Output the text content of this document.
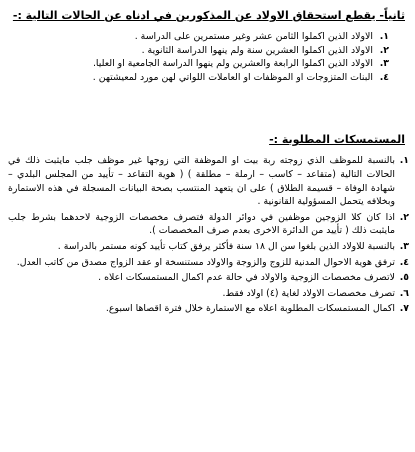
ثانياً- يقطع استحقاق الاولاد عن المذكورين في ادناه عن الحالات التالية :-
١.
الاولاد الذين اكملوا الثامن عشر وغير مستمرين على الدراسة .
٢.
الاولاد الذين اكملوا العشرين سنة ولم ينهوا الدراسة الثانوية .
٣.
الاولاد الذين اكملوا الرابعة والعشرين ولم ينهوا الدراسة الجامعية او العليا.
٤.
البنات المتزوجات او الموظفات او العاملات اللواتي لهن مورد لمعيشتهن .
المستمسكات المطلوبة :-
١.
بالنسبة للموظف الذي زوجته ربة بيت او الموظفة التي زوجها غير موظف جلب مايثبت ذلك في الحالات التالية (متقاعد – كاسب – ارملة – مطلقة ) ( هوية التقاعد – تأييد من المجلس البلدي – شهادة الوفاة – قسيمة الطلاق ) على ان يتعهد المنتسب بصحة البيانات المسجلة في هذه الاستمارة وبخلافه يتحمل المسؤولية القانونية .
٢.
اذا كان كلا الزوجين موظفين في دوائر الدولة فتصرف مخصصات الزوجية لاحدهما بشرط جلب مايثبت ذلك ( تأييد من الدائرة الاخرى بعدم صرف المخصصات ).
٣.
بالنسبة للاولاد الذين بلغوا سن ال ١٨ سنة فأكثر يرفق كتاب تأييد كونه مستمر بالدراسة .
٤.
ترفق هوية الاحوال المدنية للزوج والزوجة والاولاد مستنسخة او عقد الزواج مصدق من كاتب العدل.
٥.
لاتصرف مخصصات الزوجية والاولاد في حالة عدم اكمال المستمسكات اعلاه .
٦.
تصرف مخصصات الاولاد لغاية (٤) اولاد فقط.
٧.
اكمال المستمسكات المطلوبة اعلاه مع الاستمارة خلال فترة اقصاها اسبوع.
